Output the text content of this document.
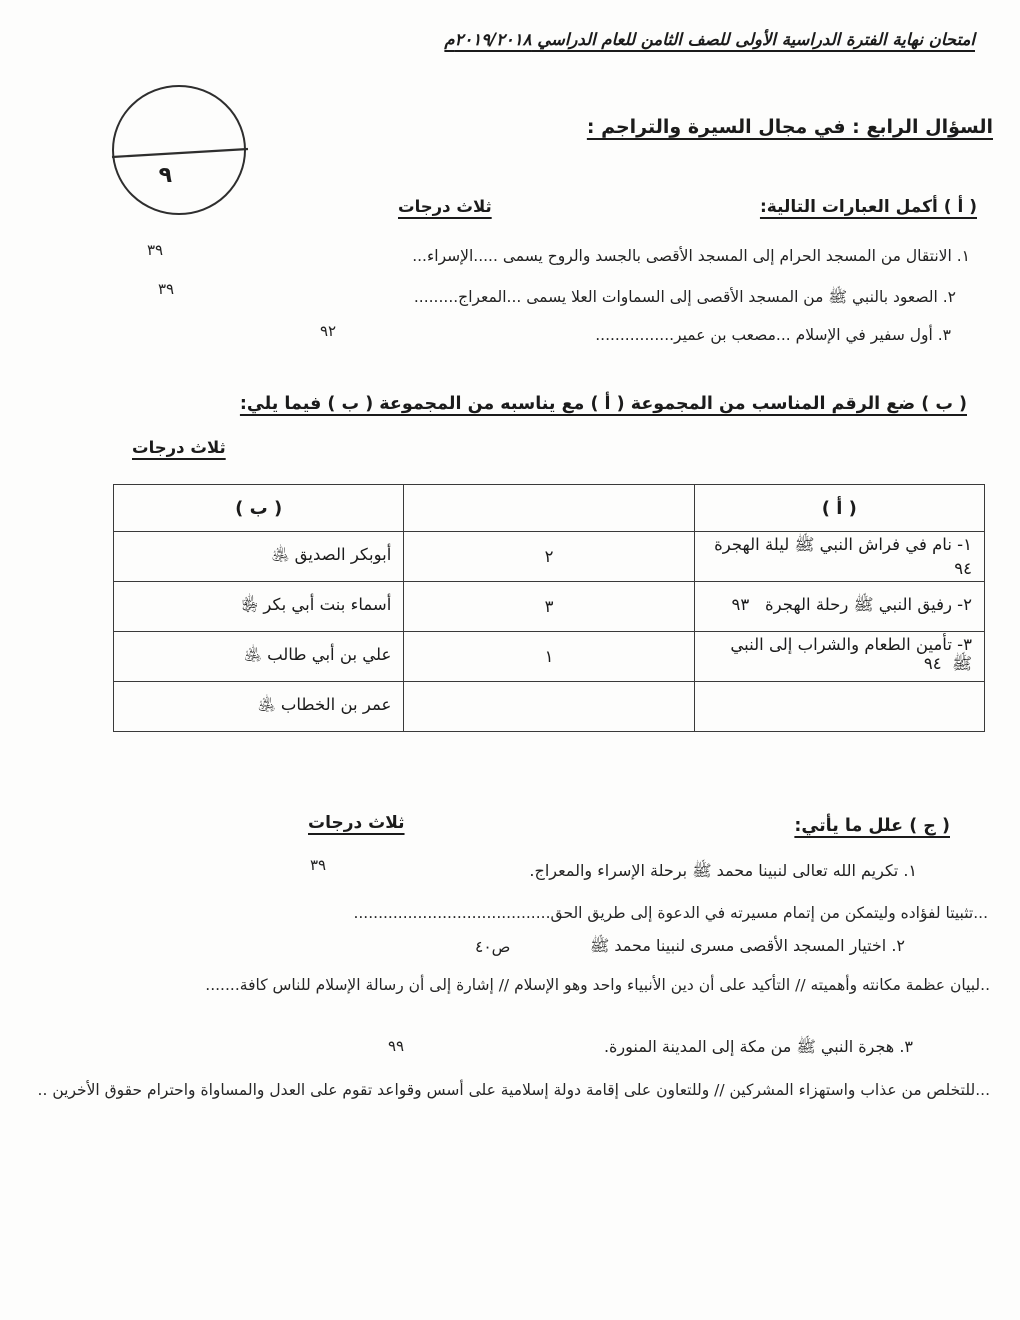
امتحان نهاية الفترة الدراسية الأولى للصف الثامن للعام الدراسي ٢٠١٩/٢٠١٨م
٩
السؤال الرابع : في مجال السيرة والتراجم :
( أ ) أكمل العبارات التالية:
ثلاث درجات
١. الانتقال من المسجد الحرام إلى المسجد الأقصى بالجسد والروح يسمى .....الإسراء...
٣٩
٢. الصعود بالنبي ﷺ من المسجد الأقصى إلى السماوات العلا يسمى ...المعراج.........
٣٩
٣. أول سفير في الإسلام ...مصعب بن عمير................
٩٢
( ب ) ضع الرقم المناسب من المجموعة ( أ ) مع يناسبه من المجموعة ( ب ) فيما يلي:
ثلاث درجات
( أ )		( ب )
١- نام في فراش النبي ﷺ ليلة الهجرة  ٩٤	٢	أبوبكر الصديق ﵁
٢- رفيق النبي ﷺ رحلة الهجرة   ٩٣	٣	أسماء بنت أبي بكر ﵂
٣- تأمين الطعام والشراب إلى النبي ﷺ  ٩٤	١	علي بن أبي طالب ﵁
		عمر بن الخطاب ﵁
( ج ) علل ما يأتي:
ثلاث درجات
١. تكريم الله تعالى لنبينا محمد ﷺ برحلة الإسراء والمعراج.
٣٩
...تثبيتا لفؤاده وليتمكن من إتمام مسيرته في الدعوة إلى طريق الحق........................................
٢. اختيار المسجد الأقصى مسرى لنبينا محمد ﷺ
ص٤٠
..لبيان عظمة مكانته وأهميته // التأكيد على أن دين الأنبياء واحد وهو الإسلام // إشارة إلى أن رسالة الإسلام للناس كافة.......
٣. هجرة النبي ﷺ من مكة إلى المدينة المنورة.
٩٩
...للتخلص من عذاب واستهزاء المشركين // وللتعاون على إقامة دولة إسلامية على أسس وقواعد تقوم على العدل والمساواة واحترام حقوق الأخرين ..
